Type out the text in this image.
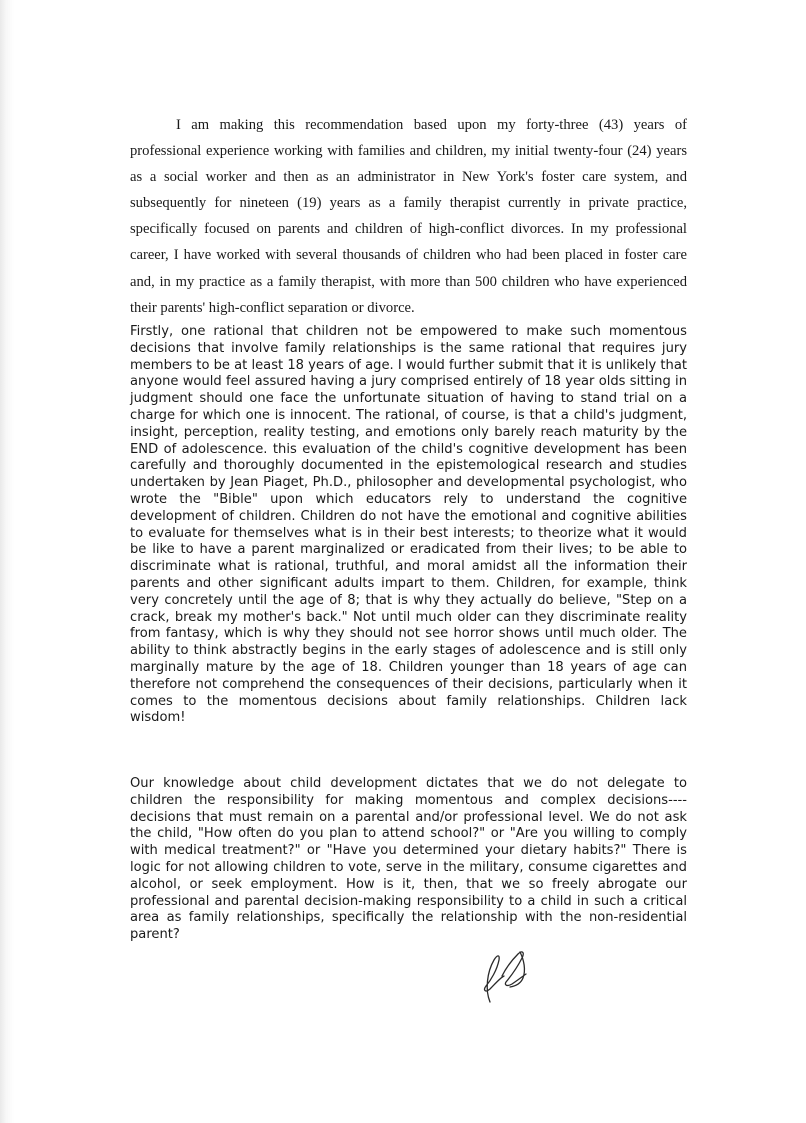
I am making this recommendation based upon my forty-three (43) years of professional experience working with families and children, my initial twenty-four (24) years as a social worker and then as an administrator in New York's foster care system, and subsequently for nineteen (19) years as a family therapist currently in private practice, specifically focused on parents and children of high-conflict divorces. In my professional career, I have worked with several thousands of children who had been placed in foster care and, in my practice as a family therapist, with more than 500 children who have experienced their parents' high-conflict separation or divorce.

Firstly, one rational that children not be empowered to make such momentous decisions that involve family relationships is the same rational that requires jury members to be at least 18 years of age. I would further submit that it is unlikely that anyone would feel assured having a jury comprised entirely of 18 year olds sitting in judgment should one face the unfortunate situation of having to stand trial on a charge for which one is innocent. The rational, of course, is that a child's judgment, insight, perception, reality testing, and emotions only barely reach maturity by the END of adolescence. this evaluation of the child's cognitive development has been carefully and thoroughly documented in the epistemological research and studies undertaken by Jean Piaget, Ph.D., philosopher and developmental psychologist, who wrote the "Bible" upon which educators rely to understand the cognitive development of children. Children do not have the emotional and cognitive abilities to evaluate for themselves what is in their best interests; to theorize what it would be like to have a parent marginalized or eradicated from their lives; to be able to discriminate what is rational, truthful, and moral amidst all the information their parents and other significant adults impart to them. Children, for example, think very concretely until the age of 8; that is why they actually do believe, "Step on a crack, break my mother's back." Not until much older can they discriminate reality from fantasy, which is why they should not see horror shows until much older. The ability to think abstractly begins in the early stages of adolescence and is still only marginally mature by the age of 18. Children younger than 18 years of age can therefore not comprehend the consequences of their decisions, particularly when it comes to the momentous decisions about family relationships. Children lack wisdom!

Our knowledge about child development dictates that we do not delegate to children the responsibility for making momentous and complex decisions----decisions that must remain on a parental and/or professional level. We do not ask the child, "How often do you plan to attend school?" or "Are you willing to comply with medical treatment?" or "Have you determined your dietary habits?" There is logic for not allowing children to vote, serve in the military, consume cigarettes and alcohol, or seek employment. How is it, then, that we so freely abrogate our professional and parental decision-making responsibility to a child in such a critical area as family relationships, specifically the relationship with the non-residential parent?
